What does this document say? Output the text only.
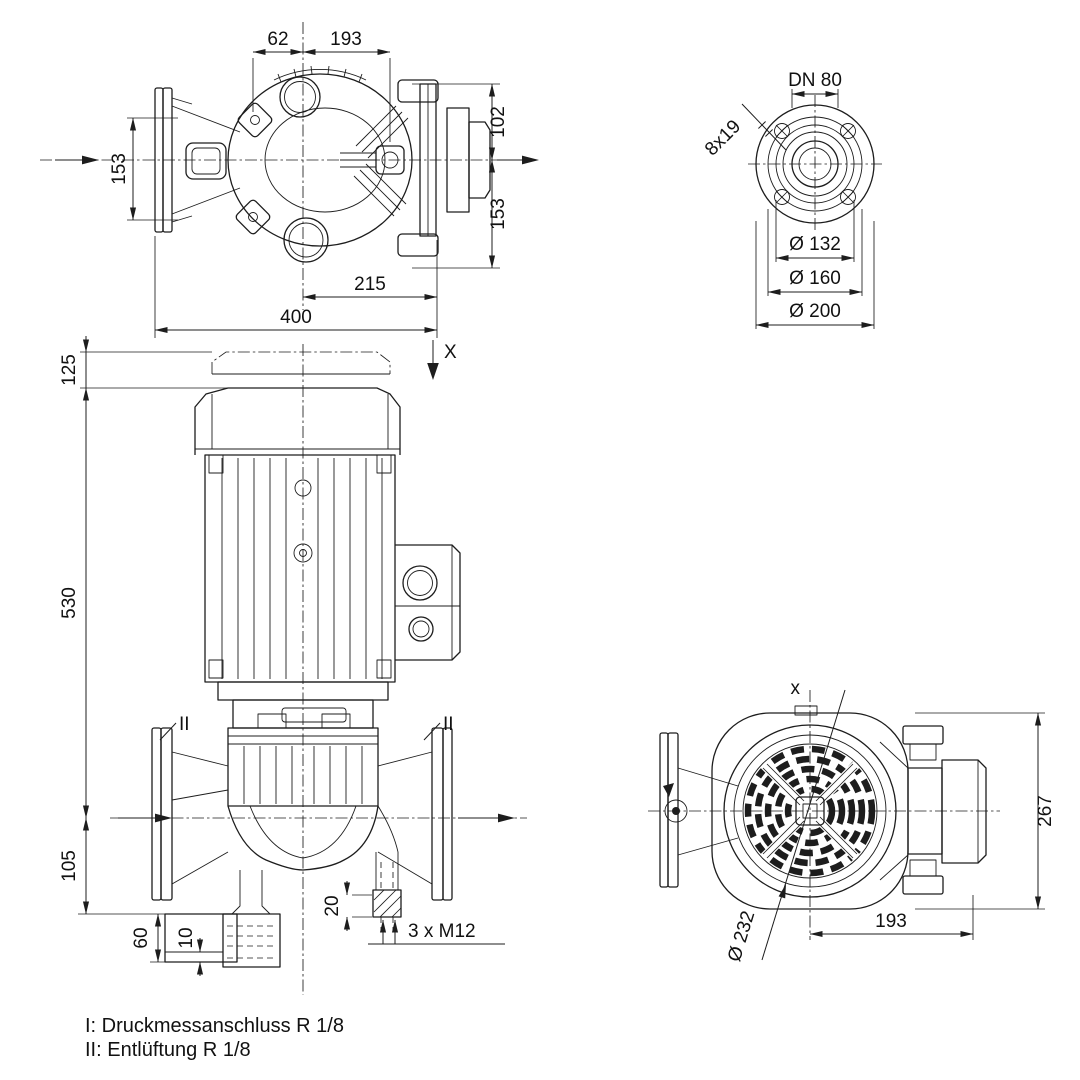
62 193
102
153
153
215
400
X
DN 80
8x19
Ø 132
Ø 160
Ø 200
II	II
125
530
105
60 10
20
3 x M12
x
Ø 232
267
193
I: Druckmessanschluss R 1/8
II: Entlüftung R 1/8
